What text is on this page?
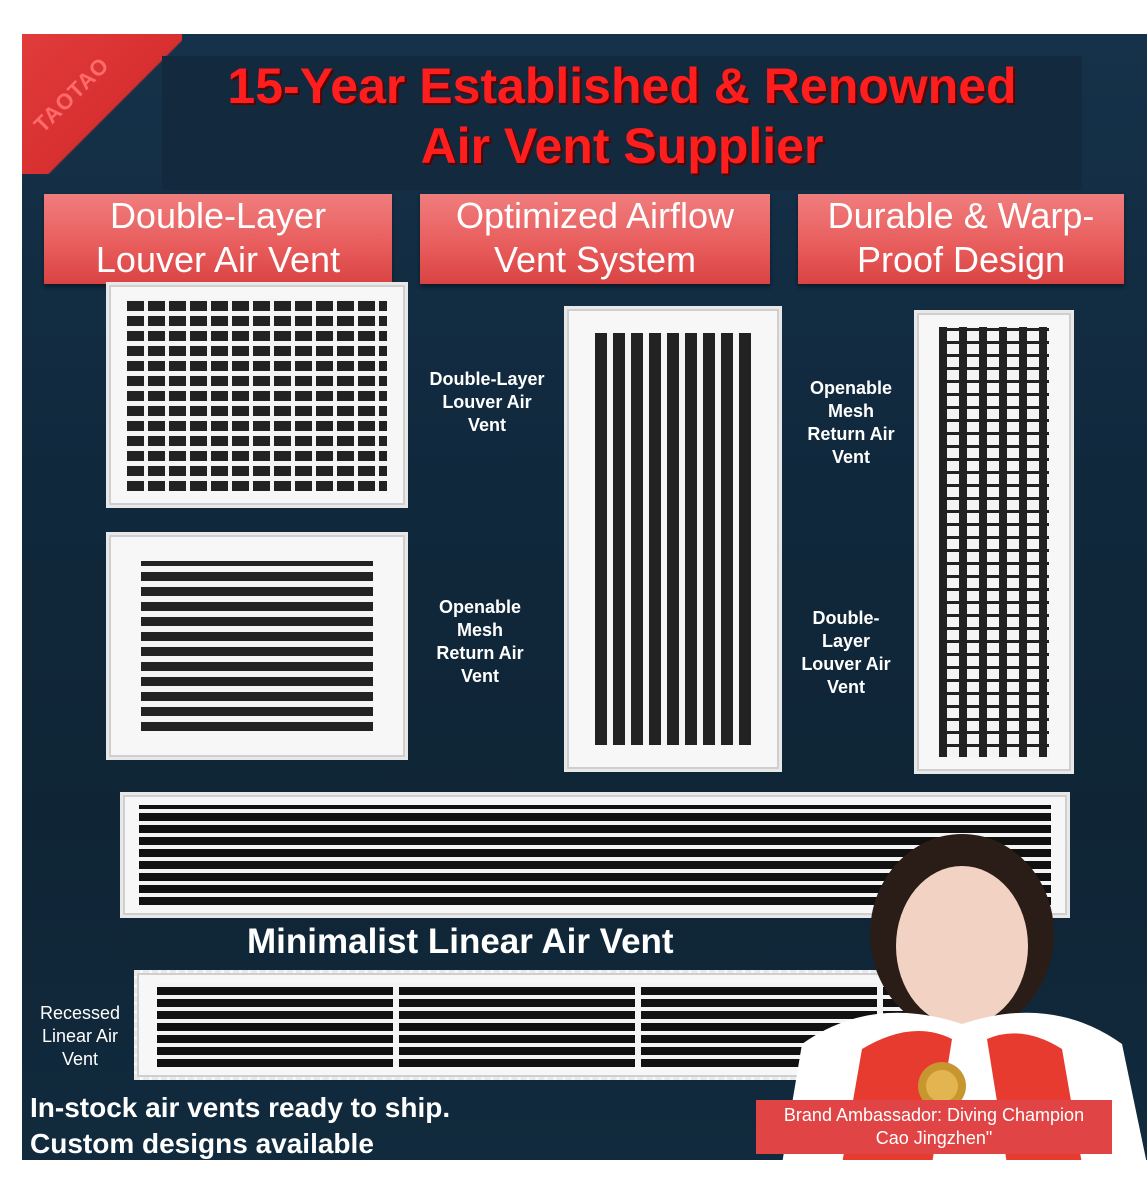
TAOTAO	15-Year Established & Renowned
Air Vent Supplier
Double-Layer
Louver Air Vent
Optimized Airflow
Vent System
Durable & Warp-
Proof Design
Double-Layer
Louver Air
Vent
Openable
Mesh
Return Air
Vent
Openable
Mesh
Return Air
Vent
Double-
Layer
Louver Air
Vent
Minimalist Linear Air Vent
Recessed
Linear Air
Vent
Brand Ambassador: Diving Champion
Cao Jingzhen"
In-stock air vents ready to ship.
Custom designs available
